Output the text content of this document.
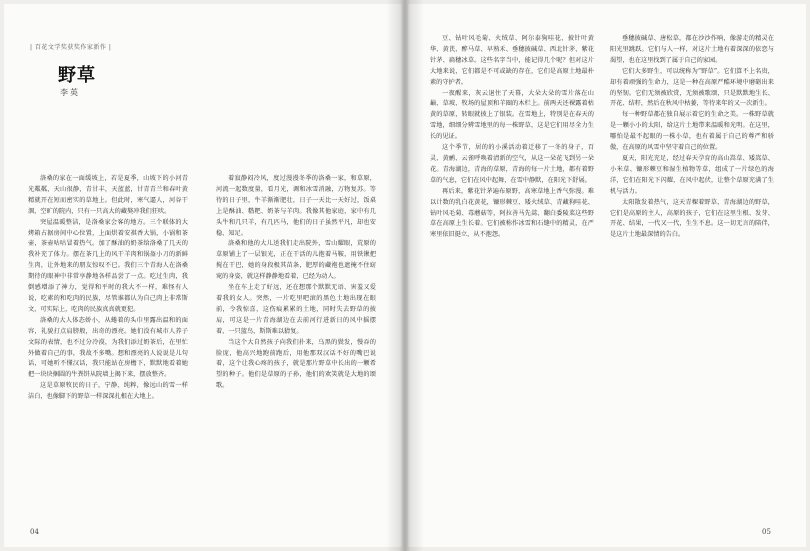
| 百花文学奖获奖作家新作 |
野草
李英

洛桑的家在一面缓坡上，若是夏季，山坡下的小河青光粼粼，天山很静，青甘丰，天蓝蓝，甘青青兰和春叶黄精就开在短而密实的草地上。但此时，寒气逼人，河谷干涸，空旷的院内，只有一只高大的藏獒冲我们狂吠。

突屋温暖整洁，是洛桑家会客的地方。三个联体的大烤箱占据房间中心位置，上面烘着安祺香大锅，小锅和茶壶，茶壶咕咕冒着热气。加了酥油的奶茶给洛桑了几天的我补充了体力。摆在茶几上的风干羊肉和锅盔小刀的新鲜生肉，让外地来的朋友惊叹不已。我们三个青海人在洛桑期待的眼神中非常享静地各样品尝了一点。吃过生肉，我倒感增添了神力，觉得和平时的我大不一样，难怪有人说，吃素的和吃肉的民族，尽管谁都认为自己肉上非常斯文，可实际上，吃肉的民族真真就更犯。

洛桑的大人体态娇小，从蜷着的头巾里露出温和的面容，礼貌打点肩膀般，出奇的漂亮。她们没有城市人养子文际的表情，也不过分冷漠，为我们添过奶茶后，在里忙外做着自己的事，我故不多嘴。想和漂亮的人说说是儿句话，可她听不懂汉话，我只能站在房檐下，默默地看着她把一块块捆圆的牛粪饼从院墙上揭下来，摆放整齐。

这是草原牧民的日子，宁静、纯粹，像远山的雪一样洁白，也像脚下的野草一样深深扎根在大地上。

着寂静闷冷风，度过漫漫冬季的洛桑一家，和草原，河流一起数度量，看月光，调和冰雪消融，万物复苏。等待的日子里，牛羊渐渐肥壮，日子一天比一天好过，饭桌上是酥油、糌粑、奶茶与羊肉。我像其他家庭，家中有几头牛和几只羊，有几匹马，他们的日子虽然平凡，却也安稳、知足。

洛桑和他的大儿送我们走出院外，雪山耀眼，荒原的草原铺上了一层银光，正在干活的儿抱着马鞍，用铁锹把搅在干巴，她的身段极其苗条，肥厚的藏袍也遮掩不住窈窕的身姿，就这样静静地看着，已经为动人。

坐在车上走了好远，还在想那个默默无语、害羞又爱着我的女人。突然，一片吃里吧滚的黑色土地出现在眼前，令我惊喜，这伤痕累累的土地，同时失去野草的披肩，可这是一片青海湖边在去前河行进新日的风中摇摆着，一只篮鸟，斯斯难以猜复。

当这个大自然孩子向我们扑来，乌黑的鬓发，慢吞的脸庞，他高兴地跑前跑后，用他那双汉话不好的嘴巴说着，这个让我心疼的孩子，就是那片野草中长出的一颗希望的种子。他们是草原的子孙，他们的欢笑就是大地的颂歌。

04

豆、钻叶风毛菊、火绒草、阿尔泰狗哇花、披针叶黄华、黄芪、醉马草、早熟禾、垂穗披碱草、西北针茅、紫花针茅、扁穗冰草。这些名字当中，能记得几个呢？但对这片大地来说，它们都是不可或缺的存在，它们是高原土地最朴素的守护者。

一夜醒来，灰云退住了天幕，大朵大朵的雪片落在山巅、草坡、牧场的屋顶和羊圈的木栏上。前两天还裸露着枯黄的草原，转眼就披上了银装。在雪地上，特别是在春天的雪地，细细分辨雪地里的每一株野草，这是它们用尽全力生长的见证。

这个季节，居的的小溪活动着迁移了一冬的身子，百灵、黄鹂、云雀呼唤着清新的空气，从这一朵花飞到另一朵花。青海湖边，青海的草原，青海的每一片土地，都有着野草的气息，它们在风中起舞，在雪中静默，在阳光下舒展。

再后来，紫花针茅遍布原野，高寒草地上香气弥漫。难以计数的乳白花黄花，镰形棘豆、矮火绒草、青藏狗哇花、钻叶风毛菊、毒蘑菇等，阿拉善马先蒿、翻白委陵菜这些野草在高原上生长着。它们被称作冰雪和石缝中的精灵，在严寒里依旧挺立，从不抱怨。

垂穗披碱草、唐松草，都在沙沙作响，像游走的精灵在阳光里跳跃。它们与人一样，对这片土地有着深深的依恋与渴望，也在这里找到了属于自己的家园。

它们大多野生，可以统称为“野草”。它们算不上名贵，却有着顽强的生命力，这是一种在高原严酷环境中磨砺出来的坚韧。它们无须被欣赏，无须被歌颂，只是默默地生长、开花、结籽，然后在秋风中枯萎，等待来年的又一次新生。

每一种野草都在独自展示着它的生命之美。一株野草就是一颗小小的太阳，给这片土地带来温暖和光明。在这里，哪怕是最不起眼的一株小草，也有着属于自己的尊严和骄傲，在高原的风雪中坚守着自己的位置。

夏天，阳光充足，经过春天孕育的高山嵩草、矮嵩草、小米草、镰形棘豆和湿生植物等草，组成了一片绿色的海洋，它们在阳光下闪耀，在风中起伏，让整个草原充满了生机与活力。

太阳散发着热气，这天青稞着野草，青海湖边的野草，它们是高原的主人，高原的孩子，它们在这里生根、发芽、开花、结果，一代又一代，生生不息。这一切无言的陪伴，是这片土地最深情的告白。

05
